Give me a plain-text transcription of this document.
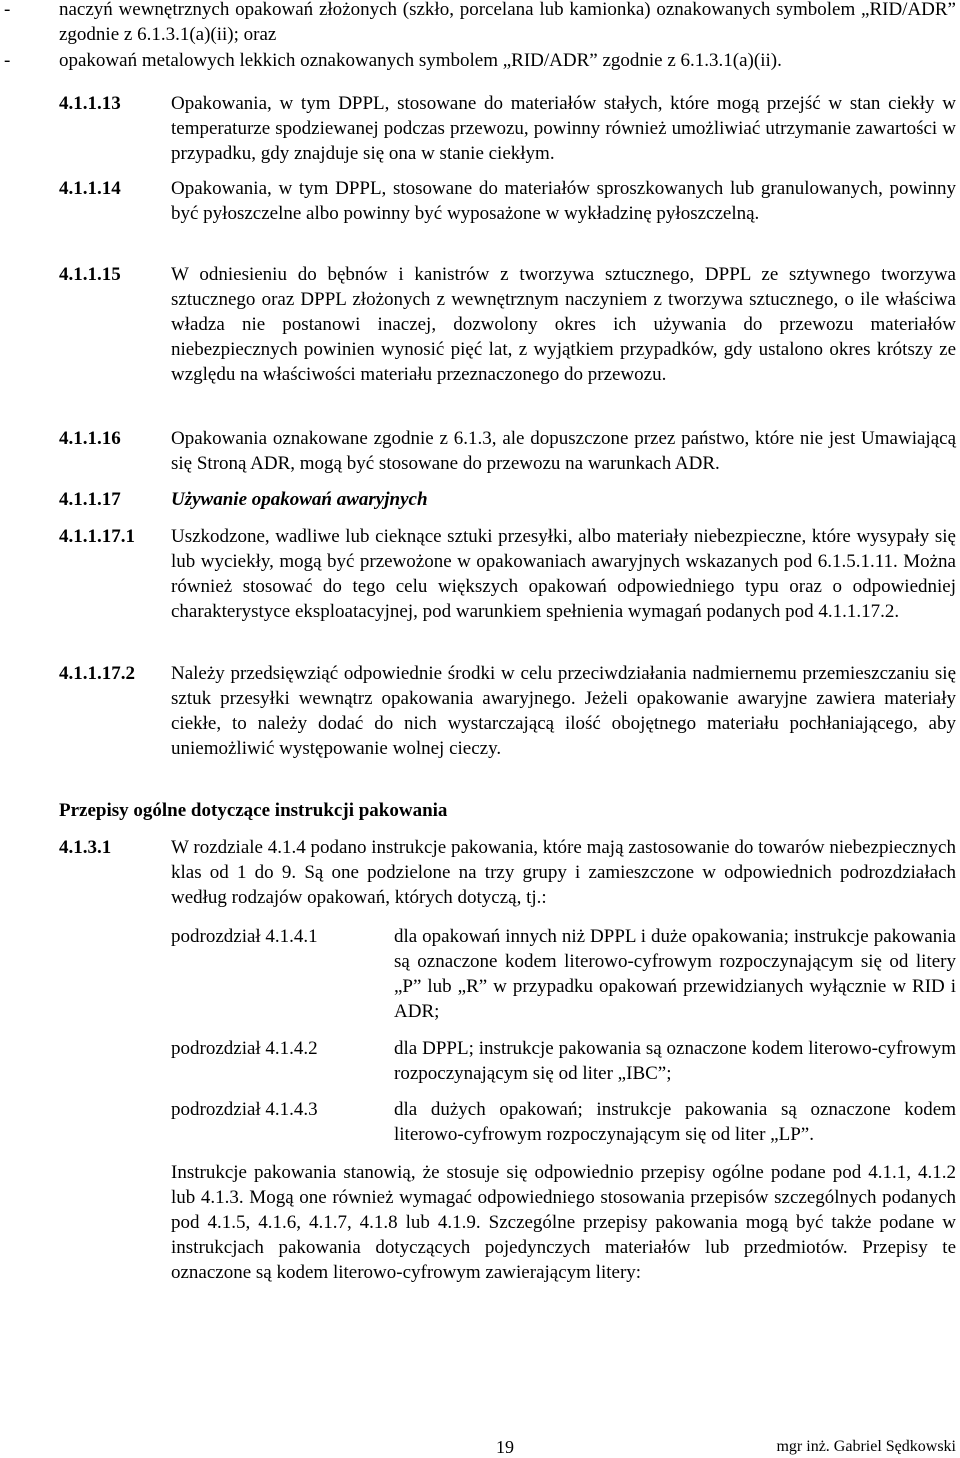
-	naczyń wewnętrznych opakowań złożonych (szkło, porcelana lub kamionka) oznakowanych symbolem „RID/ADR” zgodnie z 6.1.3.1(a)(ii); oraz
-	opakowań metalowych lekkich oznakowanych symbolem „RID/ADR” zgodnie z 6.1.3.1(a)(ii).
4.1.1.13	Opakowania, w tym DPPL, stosowane do materiałów stałych, które mogą przejść w stan ciekły w temperaturze spodziewanej podczas przewozu, powinny również umożliwiać utrzymanie zawartości w przypadku, gdy znajduje się ona w stanie ciekłym.
4.1.1.14	Opakowania, w tym DPPL, stosowane do materiałów sproszkowanych lub granulowanych, powinny być pyłoszczelne albo powinny być wyposażone w wykładzinę pyłoszczelną.
4.1.1.15	W odniesieniu do bębnów i kanistrów z tworzywa sztucznego, DPPL ze sztywnego tworzywa sztucznego oraz DPPL złożonych z wewnętrznym naczyniem z tworzywa sztucznego, o ile właściwa władza nie postanowi inaczej, dozwolony okres ich używania do przewozu materiałów niebezpiecznych powinien wynosić pięć lat, z wyjątkiem przypadków, gdy ustalono okres krótszy ze względu na właściwości materiału przeznaczonego do przewozu.
4.1.1.16	Opakowania oznakowane zgodnie z 6.1.3, ale dopuszczone przez państwo, które nie jest Umawiającą się Stroną ADR, mogą być stosowane do przewozu na warunkach ADR.
4.1.1.17	Używanie opakowań awaryjnych
4.1.1.17.1 Uszkodzone, wadliwe lub cieknące sztuki przesyłki, albo materiały niebezpieczne, które wysypały się lub wyciekły, mogą być przewożone w opakowaniach awaryjnych wskazanych pod 6.1.5.1.11. Można również stosować do tego celu większych opakowań odpowiedniego typu oraz o odpowiedniej charakterystyce eksploatacyjnej, pod warunkiem spełnienia wymagań podanych pod 4.1.1.17.2.
4.1.1.17.2 Należy przedsięwziąć odpowiednie środki w celu przeciwdziałania nadmiernemu przemieszczaniu się sztuk przesyłki wewnątrz opakowania awaryjnego. Jeżeli opakowanie awaryjne zawiera materiały ciekłe, to należy dodać do nich wystarczającą ilość obojętnego materiału pochłaniającego, aby uniemożliwić występowanie wolnej cieczy.
Przepisy ogólne dotyczące instrukcji pakowania
4.1.3.1	W rozdziale 4.1.4 podano instrukcje pakowania, które mają zastosowanie do towarów niebezpiecznych klas od 1 do 9. Są one podzielone na trzy grupy i zamieszczone w odpowiednich podrozdziałach według rodzajów opakowań, których dotyczą, tj.:
podrozdział 4.1.4.1	dla opakowań innych niż DPPL i duże opakowania; instrukcje pakowania są oznaczone kodem literowo-cyfrowym rozpoczynającym się od litery „P” lub „R” w przypadku opakowań przewidzianych wyłącznie w RID i ADR;
podrozdział 4.1.4.2	dla DPPL; instrukcje pakowania są oznaczone kodem literowo-cyfrowym rozpoczynającym się od liter „IBC”;
podrozdział 4.1.4.3	dla dużych opakowań; instrukcje pakowania są oznaczone kodem literowo-cyfrowym rozpoczynającym się od liter „LP”.
Instrukcje pakowania stanowią, że stosuje się odpowiednio przepisy ogólne podane pod 4.1.1, 4.1.2 lub 4.1.3. Mogą one również wymagać odpowiedniego stosowania przepisów szczególnych podanych pod 4.1.5, 4.1.6, 4.1.7, 4.1.8 lub 4.1.9. Szczególne przepisy pakowania mogą być także podane w instrukcjach pakowania dotyczących pojedynczych materiałów lub przedmiotów. Przepisy te oznaczone są kodem literowo-cyfrowym zawierającym litery:
19	mgr inż. Gabriel Sędkowski
